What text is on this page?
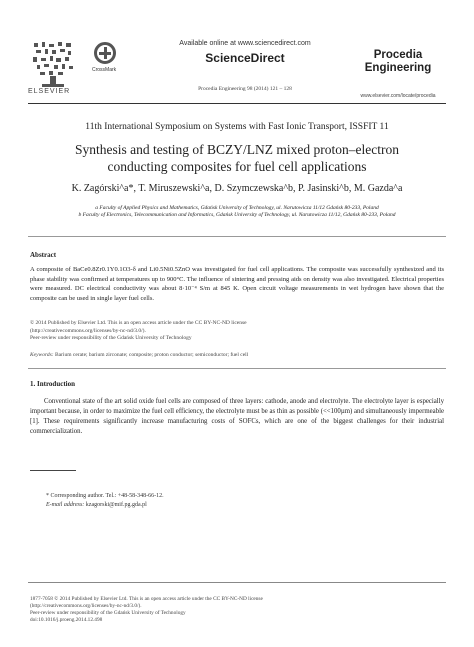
ELSEVIER
CrossMark
Available online at www.sciencedirect.com
ScienceDirect
Procedia Engineering 98 (2014) 121 – 128
Procedia
Engineering
www.elsevier.com/locate/procedia
11th International Symposium on Systems with Fast Ionic Transport, ISSFIT 11
Synthesis and testing of BCZY/LNZ mixed proton–electron
conducting composites for fuel cell applications
K. Zagórski^a*, T. Miruszewski^a, D. Szymczewska^b, P. Jasinski^b, M. Gazda^a
a Faculty of Applied Physics and Mathematics, Gdańsk University of Technology, ul. Narutowicza 11/12 Gdańsk 80-233, Poland
b Faculty of Electronics, Telecommunication and Informatics, Gdańsk University of Technology, ul. Narutowicza 11/12, Gdańsk 80-233, Poland
Abstract
A composite of BaCe0.8Zr0.1Y0.1O3-δ and Li0.5Ni0.5ZnO was investigated for fuel cell applications. The composite was successfully synthesized and its phase stability was confirmed at temperatures up to 900°C. The influence of sintering and pressing aids on density was also investigated. Electrical properties were measured. DC electrical conductivity was about 8·10⁻⁴ S/m at 845 K. Open circuit voltage measurements in wet hydrogen have shown that the composite can be used in single layer fuel cells.
© 2014 Published by Elsevier Ltd. This is an open access article under the CC BY-NC-ND license
(http://creativecommons.org/licenses/by-nc-nd/3.0/).
Peer-review under responsibility of the Gdańsk University of Technology
Keywords: Barium cerate; barium zirconate; composite; proton conductor; semiconductor; fuel cell
1. Introduction
Conventional state of the art solid oxide fuel cells are composed of three layers: cathode, anode and electrolyte. The electrolyte layer is especially important because, in order to maximize the fuel cell efficiency, the electrolyte must be as thin as possible (<<100µm) and simultaneously impermeable [1]. These requirements significantly increase manufacturing costs of SOFCs, which are one of the biggest challenges for their industrial commercialization.
* Corresponding author. Tel.: +48-58-348-66-12.
E-mail address: kzagorski@mif.pg.gda.pl
1877-7058 © 2014 Published by Elsevier Ltd. This is an open access article under the CC BY-NC-ND license
(http://creativecommons.org/licenses/by-nc-nd/3.0/).
Peer-review under responsibility of the Gdańsk University of Technology
doi:10.1016/j.proeng.2014.12.498
